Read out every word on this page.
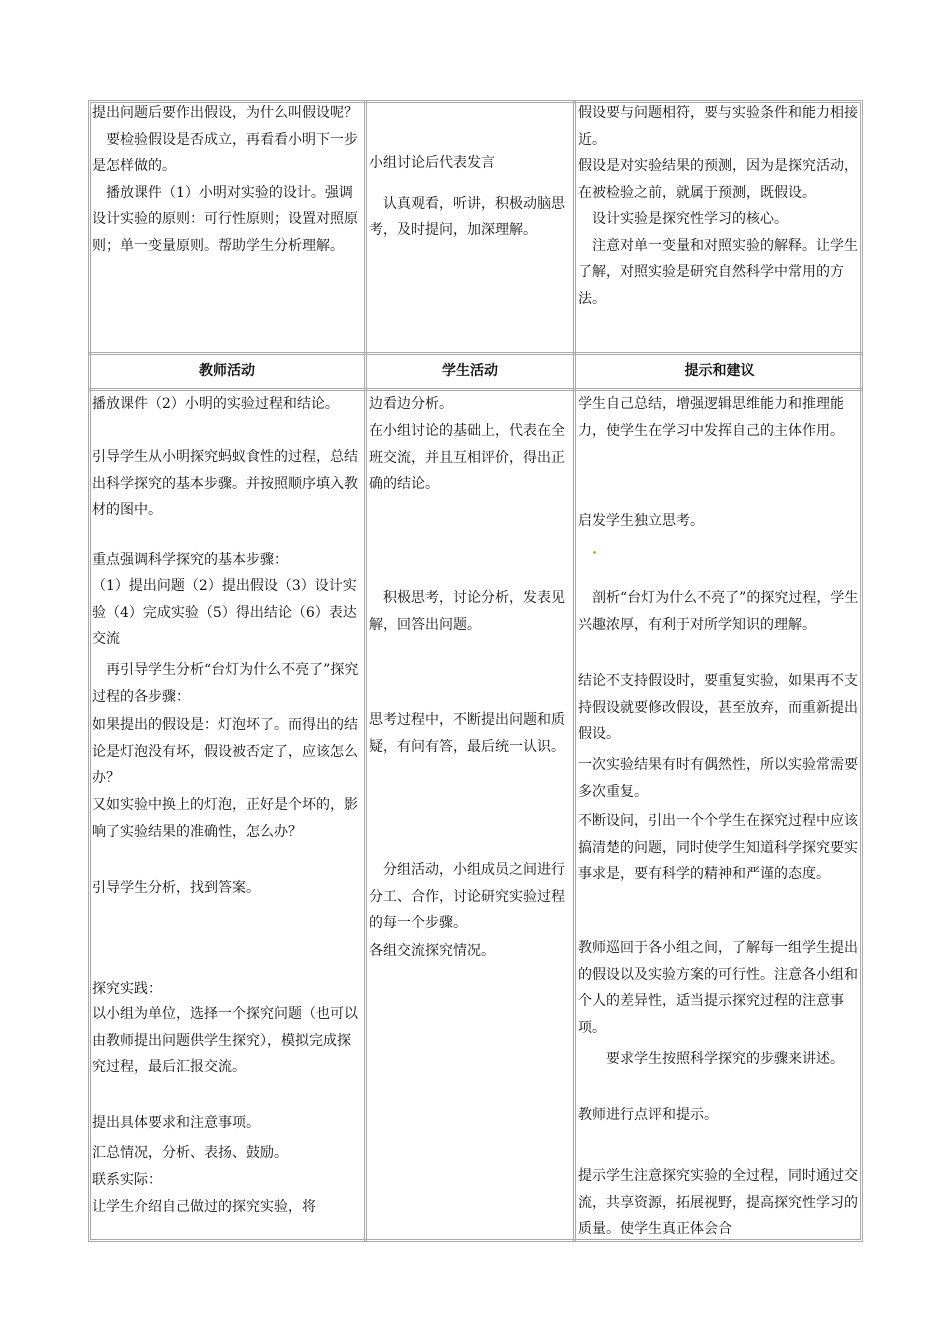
提出问题后要作出假设，为什么叫假设呢？

　要检验假设是否成立，再看看小明下一步是怎样做的。

　播放课件（1）小明对实验的设计。强调设计实验的原则：可行性原则；设置对照原则；单一变量原则。帮助学生分析理解。

小组讨论后代表发言

　认真观看，听讲，积极动脑思考，及时提问，加深理解。

假设要与问题相符，要与实验条件和能力相接近。

假设是对实验结果的预测，因为是探究活动，在被检验之前，就属于预测，既假设。

　设计实验是探究性学习的核心。

　注意对单一变量和对照实验的解释。让学生了解，对照实验是研究自然科学中常用的方法。

教师活动	学生活动	提示和建议
播放课件（2）小明的实验过程和结论。
引导学生从小明探究蚂蚁食性的过程，总结出科学探究的基本步骤。并按照顺序填入教材的图中。
重点强调科学探究的基本步骤：
（1）提出问题（2）提出假设（3）设计实验（4）完成实验（5）得出结论（6）表达交流
　再引导学生分析“台灯为什么不亮了”探究过程的各步骤：
如果提出的假设是：灯泡坏了。而得出的结论是灯泡没有坏，假设被否定了，应该怎么办？
又如实验中换上的灯泡，正好是个坏的，影响了实验结果的准确性，怎么办？
引导学生分析，找到答案。
探究实践：
以小组为单位，选择一个探究问题（也可以由教师提出问题供学生探究），模拟完成探究过程，最后汇报交流。
提出具体要求和注意事项。
汇总情况，分析、表扬、鼓励。
联系实际：
让学生介绍自己做过的探究实验，将
边看边分析。
在小组讨论的基础上，代表在全班交流，并且互相评价，得出正确的结论。
　积极思考，讨论分析，发表见解，回答出问题。
思考过程中，不断提出问题和质疑，有问有答，最后统一认识。
　分组活动，小组成员之间进行分工、合作，讨论研究实验过程的每一个步骤。
各组交流探究情况。
学生自己总结，增强逻辑思维能力和推理能力，使学生在学习中发挥自己的主体作用。
启发学生独立思考。
　剖析“台灯为什么不亮了”的探究过程，学生兴趣浓厚，有利于对所学知识的理解。
结论不支持假设时，要重复实验，如果再不支持假设就要修改假设，甚至放弃，而重新提出假设。
一次实验结果有时有偶然性，所以实验常需要多次重复。
不断设问，引出一个个学生在探究过程中应该搞清楚的问题，同时使学生知道科学探究要实事求是，要有科学的精神和严谨的态度。
教师巡回于各小组之间，了解每一组学生提出的假设以及实验方案的可行性。注意各小组和个人的差异性，适当提示探究过程的注意事项。
　　要求学生按照科学探究的步骤来讲述。
教师进行点评和提示。
提示学生注意探究实验的全过程，同时通过交流，共享资源，拓展视野，提高探究性学习的质量。使学生真正体会合
